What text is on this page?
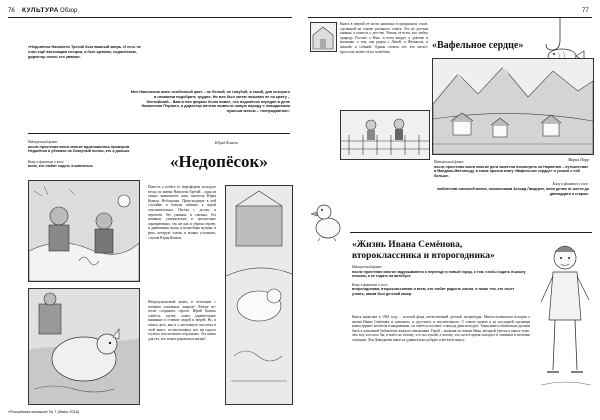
76 КУЛЬТУРА Обзор
«Недопёсок Наполеон Третий был важный зверь. И есть не стал ещё настоящим песцом, а был щенком, недопёском, директор очень его уважал.
Мех Наполеона имел особенный цвет – не белый, не голубой, а такой, для которого в названии подобрать трудно. Но мех был затем называн не по цвету – бентийский... Вам в мех фирмы было вовсе, что недопёсок передал в деле Наполеона Первого, а директор мечтал вывести новую породу с невиданным пушным мехом – «непродвигом».
Интересный факт:
после прочтения книги многие вдохновились примером Недопёска и убежали на Северный полюс, кто и дальше.
Кому в фанатах о кого:
всем, кто любит сидеть в животных.
Юрий Коваль
«Недопёсок»
Повесть о побеге со зверофермы молодого песца по имени Наполеон Третий – одна из самых знаменитых книг писателя Юрия Коваля. Небольшая. Происходящее в ней случайно и больше забавно, а порой сентиментально. Пасека с делом, и переклёп, без ужимки, и смешно, без натяжки, увлекательно и трогательно одновременно, так же как и образы героев, и диковинная сцена, и волшебная музыка, и речь, которую только и можно услышать, слушая Юрия Коваля.
Непредсказуемый конец и сочетание с чтением сказочных жанров! Лёгкие не-готов соединить героев. Юрий Коваль смеётся, шутит, ловит удивительное внимание и отличие людей и зверей. Но, в самом деле, как и у настоящего писателя в этой книге, по-настоящему нет ни одного глупого или нелепого персонажа. Эта книга для тех, кто может радоваться жизни!
«Российская мозаика» № 7 (Июнь 2016)
77
Книга в первой её части написана в прекрасном стиле, сделанной на основе реального опыта. Это не детская книжка, а повесть о детстве. Читать её всем, кто любит природу. Рассказ о Рене, и всем вокруг, о девочке и мальчике, о том, как рядом с Леной, и Феликсом, и кошкой, и собакой. Одним словом, тот, кто читает, просто не может её не полюбить.
«Вафельное сердце»
Мария Парр
Интересный факт:
после прочтения книги многие дети захотели посмотреть на Норвегию – путешествие в Мандаль-Маттильду, а также прочли книгу «Вафельное сердце» и узнали о ней больше.
Кому в фанатах о кого:
любителям смешной жизни, поклонникам Астрид Линдгрен, всем детям от шести до двенадцати и старше.
«Жизнь Ивана Семёнова, второклассника и второгодника»
Интересный факт:
после прочтения многие задумываются о переезде в новый город, о том, чтобы ходить в школу пешком, а не ездить на автобусе.
Кому в фанатах о кого:
второгодникам, второклассникам и всем, кто любит радость жизни, а также тем, кто хочет узнать, каким был детский юмор.
Книга написана в 1961 году – золотой фонд отечественной детской литературы. Многоступенчатая история о жизни Ивана Семёнова, и смешного, и грустного, и поучительного. С самого начала и до последней страницы книга держит читателя в напряжении, он смеётся и плачет, а иногда даже негодует. Такая книга обязательно должна быть в домашней библиотеке каждого школьника. Герой – мальчик по имени Иван, который учится в школе хуже, чем ему хотелось бы, и вовсе не потому, что он глупый, а потому, что он всё время попадает в смешные и нелепые ситуации. Лев Давыдычев написал удивительно добрую и весёлую книгу.
